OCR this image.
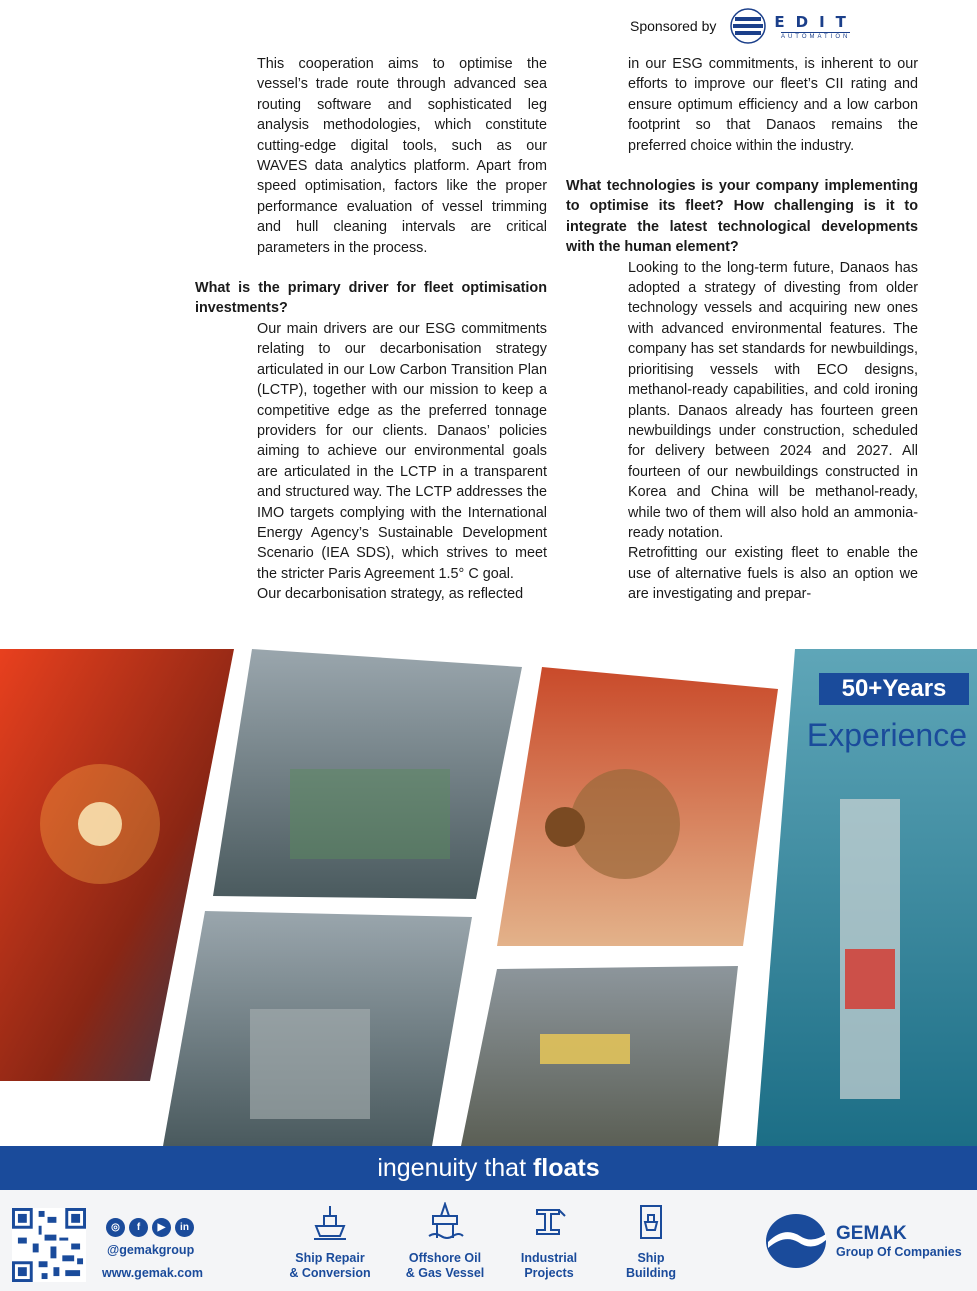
Sponsored by	EDIT
AUTOMATION

This cooperation aims to optimise the vessel’s trade route through advanced sea routing software and sophisticated leg analysis methodologies, which constitute cutting-edge digital tools, such as our WAVES data analytics platform. Apart from speed optimisation, factors like the proper performance evaluation of vessel trimming and hull cleaning intervals are critical parameters in the process.

What is the primary driver for fleet optimisation investments?

Our main drivers are our ESG commitments relating to our decarbonisation strategy articulated in our Low Carbon Transition Plan (LCTP), together with our mission to keep a competitive edge as the preferred tonnage providers for our clients. Danaos’ policies aiming to achieve our environmental goals are articulated in the LCTP in a transparent and structured way. The LCTP addresses the IMO targets complying with the International Energy Agency’s Sustainable Development Scenario (IEA SDS), which strives to meet the stricter Paris Agreement 1.5° C goal.

Our decarbonisation strategy, as reflected

in our ESG commitments, is inherent to our efforts to improve our fleet’s CII rating and ensure optimum efficiency and a low carbon footprint so that Danaos remains the preferred choice within the industry.

What technologies is your company implementing to optimise its fleet? How challenging is it to integrate the latest technological developments with the human element?

Looking to the long-term future, Danaos has adopted a strategy of divesting from older technology vessels and acquiring new ones with advanced environmental features. The company has set standards for newbuildings, prioritising vessels with ECO designs, methanol-ready capabilities, and cold ironing plants. Danaos already has fourteen green newbuildings under construction, scheduled for delivery between 2024 and 2027. All fourteen of our newbuildings constructed in Korea and China will be methanol-ready, while two of them will also hold an ammonia-ready notation.

Retrofitting our existing fleet to enable the use of alternative fuels is also an option we are investigating and prepar-

50+Years
Experience
ingenuity that floats
◎	f	▶	in
@gemakgroup
www.gemak.com
Ship Repair
& Conversion
Offshore Oil
& Gas Vessel
Industrial
Projects
Ship
Building
GEMAK
Group Of Companies
